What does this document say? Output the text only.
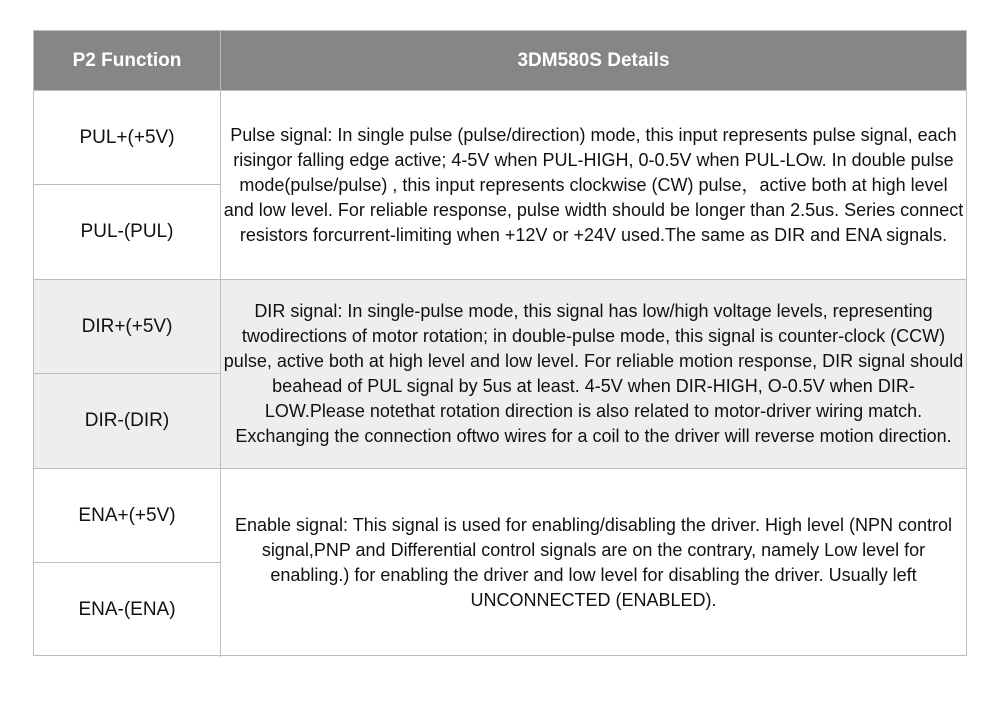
P2 Function	3DM580S Details
PUL+(+5V)
PUL-(PUL)
Pulse signal: In single pulse (pulse/direction) mode, this input represents pulse signal, each risingor falling edge active; 4-5V when PUL-HIGH, 0-0.5V when PUL-LOw. In double pulse mode(pulse/pulse) , this input represents clockwise (CW) pulse，active both at high level and low level. For reliable response, pulse width should be longer than 2.5us. Series connect resistors forcurrent-limiting when +12V or +24V used.The same as DIR and ENA signals.
DIR+(+5V)
DIR-(DIR)
DIR signal: In single-pulse mode, this signal has low/high voltage levels, representing twodirections of motor rotation; in double-pulse mode, this signal is counter-clock (CCW) pulse, active both at high level and low level. For reliable motion response, DIR signal should beahead of PUL signal by 5us at least. 4-5V when DIR-HIGH, O-0.5V when DIR-LOW.Please notethat rotation direction is also related to motor-driver wiring match. Exchanging the connection oftwo wires for a coil to the driver will reverse motion direction.
ENA+(+5V)
ENA-(ENA)
Enable signal: This signal is used for enabling/disabling the driver. High level (NPN control signal,PNP and Differential control signals are on the contrary, namely Low level for enabling.) for enabling the driver and low level for disabling the driver. Usually left UNCONNECTED (ENABLED).
